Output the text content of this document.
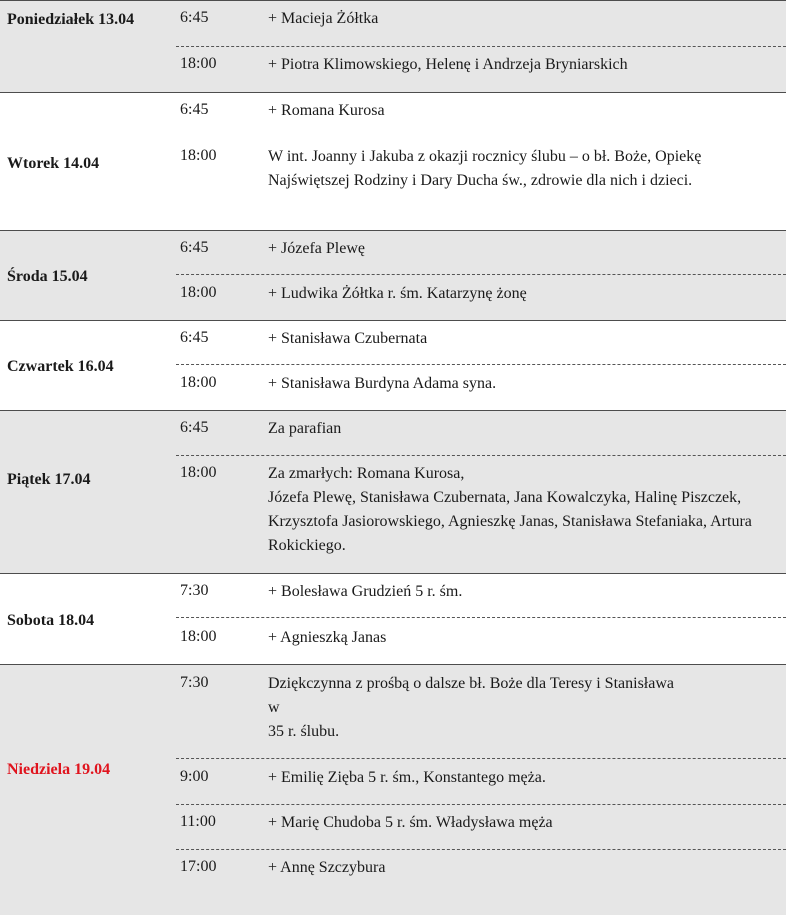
Poniedziałek 13.04	6:45	+ Macieja Żółtka
18:00	+ Piotra Klimowskiego, Helenę i Andrzeja Bryniarskich
Wtorek 14.04
6:45	+ Romana Kurosa
18:00	W int. Joanny i Jakuba z okazji rocznicy ślubu – o bł. Boże, Opiekę Najświętszej Rodziny i Dary Ducha św., zdrowie dla nich i dzieci.
Środa 15.04
6:45	+ Józefa Plewę
18:00	+ Ludwika Żółtka r. śm. Katarzynę żonę
Czwartek 16.04
6:45	+ Stanisława Czubernata
18:00	+ Stanisława Burdyna Adama syna.
Piątek 17.04
6:45	Za parafian
18:00	Za zmarłych: Romana Kurosa,
Józefa Plewę, Stanisława Czubernata, Jana Kowalczyka, Halinę Piszczek, Krzysztofa Jasiorowskiego, Agnieszkę Janas, Stanisława Stefaniaka, Artura Rokickiego.
Sobota 18.04
7:30	+ Bolesława Grudzień 5 r. śm.
18:00	+ Agnieszką Janas
Niedziela 19.04
7:30	Dziękczynna z prośbą o dalsze bł. Boże dla Teresy i Stanisława
w
35 r. ślubu.
9:00	+ Emilię Zięba 5 r. śm., Konstantego męża.
11:00	+ Marię Chudoba 5 r. śm. Władysława męża
17:00	+ Annę Szczybura
